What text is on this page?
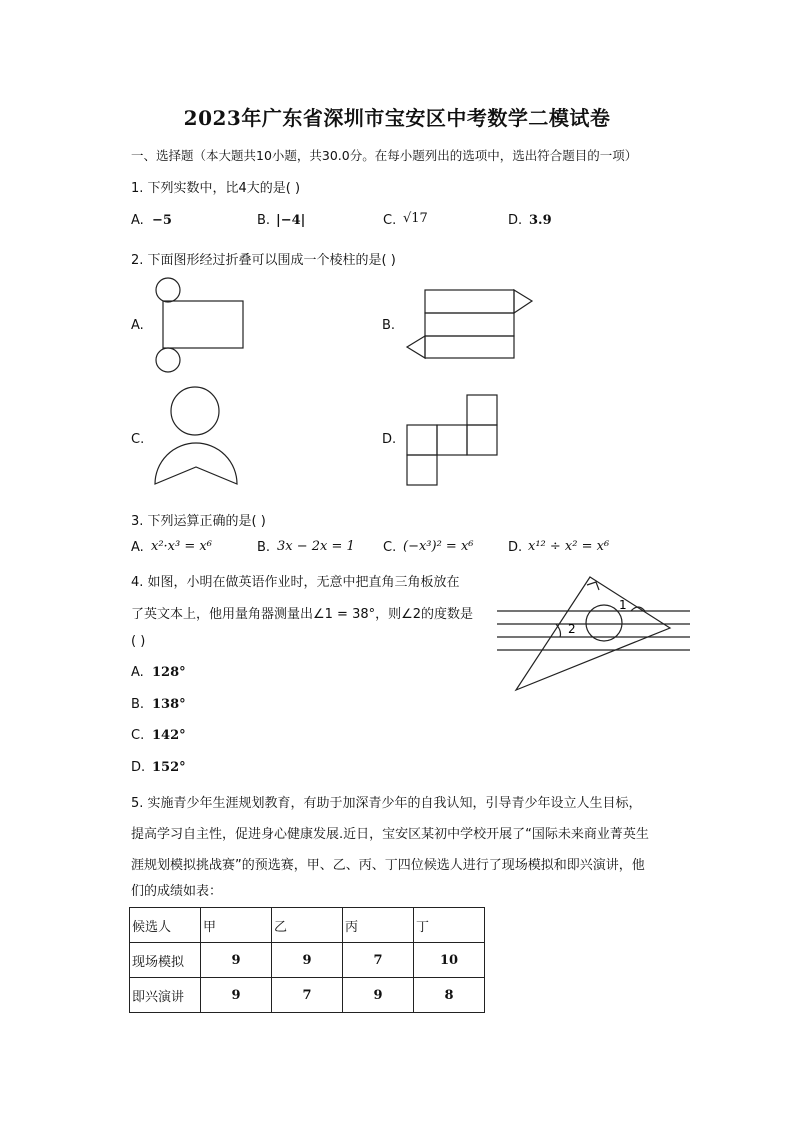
2023年广东省深圳市宝安区中考数学二模试卷
一、选择题（本大题共10小题，共30.0分。在每小题列出的选项中，选出符合题目的一项）
1. 下列实数中，比4大的是( )
A. −5	B. |−4|	C. √17	D. 3.9
2. 下面图形经过折叠可以围成一个棱柱的是( )
A.	B.
C.	D.
3. 下列运算正确的是( )
A. x²·x³ = x⁶	B. 3x − 2x = 1 C. (−x³)² = x⁶	D. x¹² ÷ x² = x⁶
4. 如图，小明在做英语作业时，无意中把直角三角板放在
了英文本上，他用量角器测量出∠1 = 38°，则∠2的度数是
( )
A. 128°
B. 138°
C. 142°
D. 152°
1
2
5. 实施青少年生涯规划教育，有助于加深青少年的自我认知，引导青少年设立人生目标，
提高学习自主性，促进身心健康发展.近日，宝安区某初中学校开展了“国际未来商业菁英生
涯规划模拟挑战赛”的预选赛，甲、乙、丙、丁四位候选人进行了现场模拟和即兴演讲，他
们的成绩如表：
候选人	甲	乙	丙	丁
现场模拟	9	9	7	10
即兴演讲	9	7	9	8
